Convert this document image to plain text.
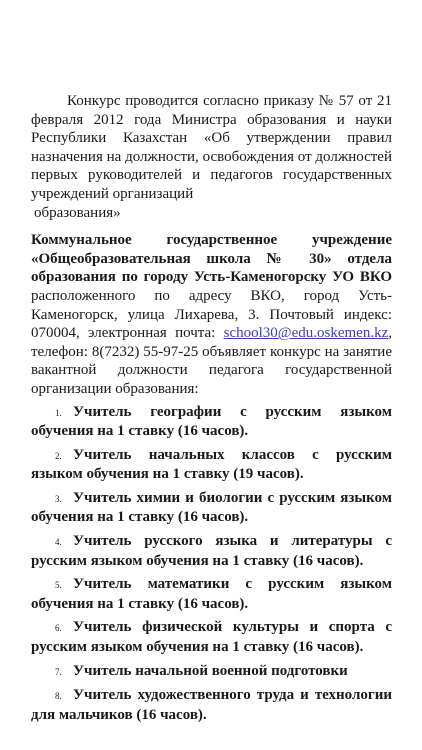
Конкурс проводится согласно приказу № 57 от 21 февраля 2012 года Министра образования и науки Республики Казахстан «Об утверждении правил назначения на должности, освобождения от должностей первых руководителей и педагогов государственных учреждений организаций

образования»

Коммунальное государственное учреждение «Общеобразовательная школа № 30» отдела образования по городу Усть-Каменогорску УО ВКО расположенного по адресу ВКО, город Усть-Каменогорск, улица Лихарева, 3. Почтовый индекс: 070004, электронная почта: school30@edu.oskemen.kz, телефон: 8(7232) 55-97-25 объявляет конкурс на занятие вакантной должности педагога государственной организации образования:

1. Учитель географии с русским языком обучения на 1 ставку (16 часов).
2. Учитель начальных классов с русским языком обучения на 1 ставку (19 часов).
3. Учитель химии и биологии с русским языком обучения на 1 ставку (16 часов).
4. Учитель русского языка и литературы с русским языком обучения на 1 ставку (16 часов).
5. Учитель математики с русским языком обучения на 1 ставку (16 часов).
6. Учитель физической культуры и спорта с русским языком обучения на 1 ставку (16 часов).
7. Учитель начальной военной подготовки
8. Учитель художественного труда и технологии для мальчиков (16 часов).
